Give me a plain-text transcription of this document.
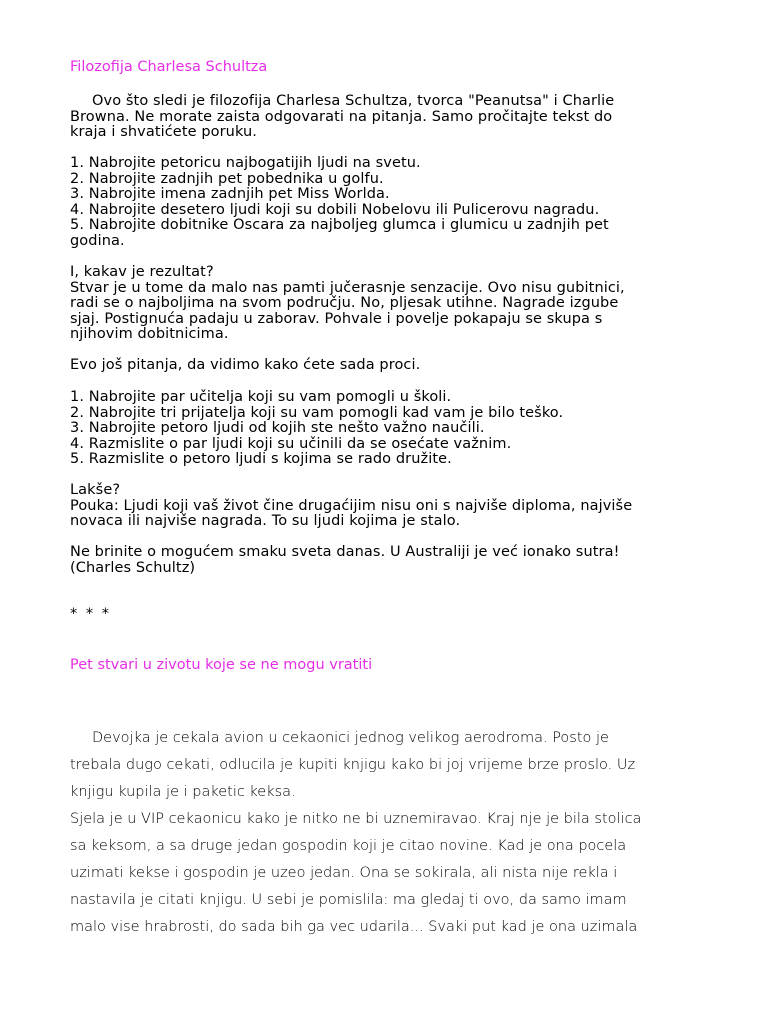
Filozofija Charlesa Schultza
Ovo što sledi je filozofija Charlesa Schultza, tvorca "Peanutsa" i Charlie
Browna. Ne morate zaista odgovarati na pitanja. Samo pročitajte tekst do
kraja i shvatićete poruku.
1. Nabrojite petoricu najbogatijih ljudi na svetu.
2. Nabrojite zadnjih pet pobednika u golfu.
3. Nabrojite imena zadnjih pet Miss Worlda.
4. Nabrojite desetero ljudi koji su dobili Nobelovu ili Pulicerovu nagradu.
5. Nabrojite dobitnike Oscara za najboljeg glumca i glumicu u zadnjih pet
godina.
I, kakav je rezultat?
Stvar je u tome da malo nas pamti jučerasnje senzacije. Ovo nisu gubitnici,
radi se o najboljima na svom području. No, pljesak utihne. Nagrade izgube
sjaj. Postignuća padaju u zaborav. Pohvale i povelje pokapaju se skupa s
njihovim dobitnicima.
Evo još pitanja, da vidimo kako ćete sada proci.
1. Nabrojite par učitelja koji su vam pomogli u školi.
2. Nabrojite tri prijatelja koji su vam pomogli kad vam je bilo teško.
3. Nabrojite petoro ljudi od kojih ste nešto važno naučili.
4. Razmislite o par ljudi koji su učinili da se osećate važnim.
5. Razmislite o petoro ljudi s kojima se rado družite.
Lakše?
Pouka: Ljudi koji vaš život čine drugaćijim nisu oni s najviše diploma, najviše
novaca ili najviše nagrada. To su ljudi kojima je stalo.
Ne brinite o mogućem smaku sveta danas. U Australiji je već ionako sutra!
(Charles Schultz)
* * *
Pet stvari u zivotu koje se ne mogu vratiti
Devojka je cekala avion u cekaonici jednog velikog aerodroma. Posto je
trebala dugo cekati, odlucila je kupiti knjigu kako bi joj vrijeme brze proslo. Uz
knjigu kupila je i paketic keksa.
Sjela je u VIP cekaonicu kako je nitko ne bi uznemiravao. Kraj nje je bila stolica
sa keksom, a sa druge jedan gospodin koji je citao novine. Kad je ona pocela
uzimati kekse i gospodin je uzeo jedan. Ona se sokirala, ali nista nije rekla i
nastavila je citati knjigu. U sebi je pomislila: ma gledaj ti ovo, da samo imam
malo vise hrabrosti, do sada bih ga vec udarila... Svaki put kad je ona uzimala
